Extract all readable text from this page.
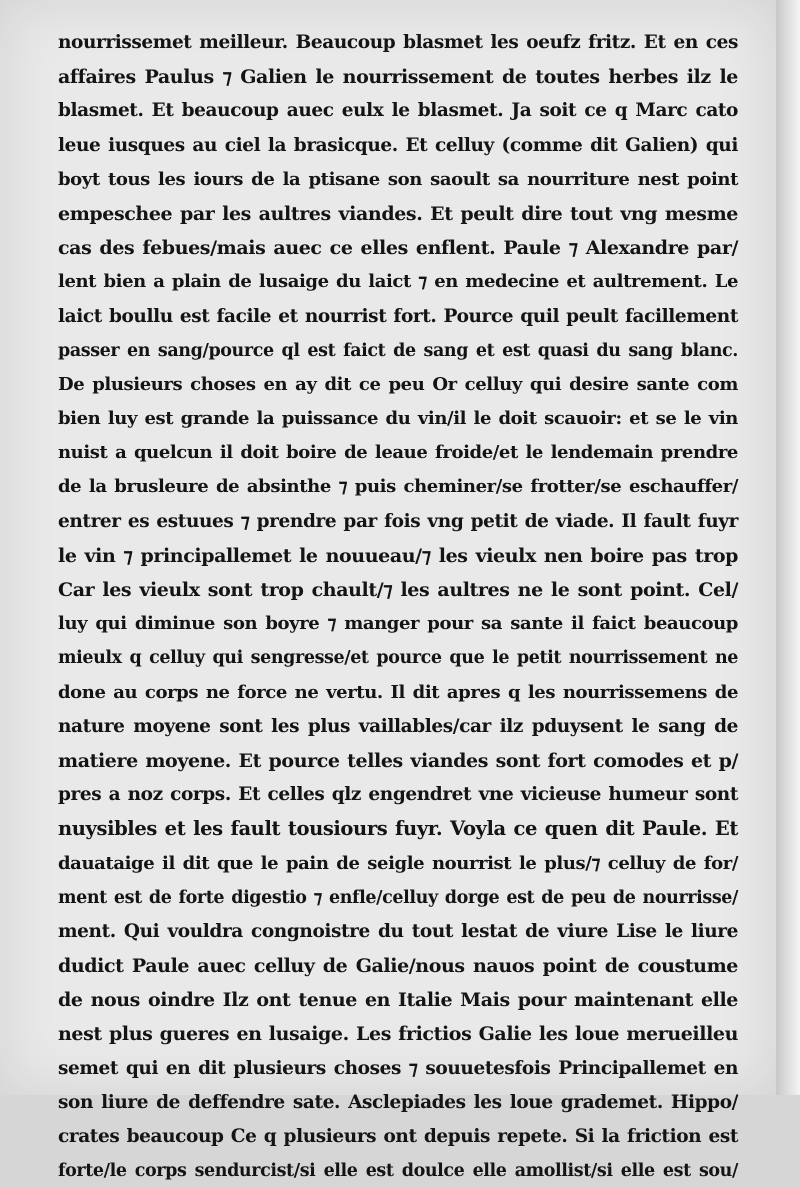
nourrissemet meilleur. Beaucoup blasmet les oeufz fritz. Et en ces
affaires Paulus ⁊ Galien le nourrissement de toutes herbes ilz le
blasmet. Et beaucoup auec eulx le blasmet. Ja soit ce q Marc cato
leue iusques au ciel la brasicque. Et celluy (comme dit Galien) qui
boyt tous les iours de la ptisane son saoult sa nourriture nest point
empeschee par les aultres viandes. Et peult dire tout vng mesme
cas des febues/mais auec ce elles enflent. Paule ⁊ Alexandre par/
lent bien a plain de lusaige du laict ⁊ en medecine et aultrement. Le
laict boullu est facile et nourrist fort. Pource quil peult facillement
passer en sang/pource ql est faict de sang et est quasi du sang blanc.
De plusieurs choses en ay dit ce peu Or celluy qui desire sante com
bien luy est grande la puissance du vin/il le doit scauoir: et se le vin
nuist a quelcun il doit boire de leaue froide/et le lendemain prendre
de la brusleure de absinthe ⁊ puis cheminer/se frotter/se eschauffer/
entrer es estuues ⁊ prendre par fois vng petit de viade. Il fault fuyr
le vin ⁊ principallemet le nouueau/⁊ les vieulx nen boire pas trop
Car les vieulx sont trop chault/⁊ les aultres ne le sont point. Cel/
luy qui diminue son boyre ⁊ manger pour sa sante il faict beaucoup
mieulx q celluy qui sengresse/et pource que le petit nourrissement ne
done au corps ne force ne vertu. Il dit apres q les nourrissemens de
nature moyene sont les plus vaillables/car ilz pduysent le sang de
matiere moyene. Et pource telles viandes sont fort comodes et p/
pres a noz corps. Et celles qlz engendret vne vicieuse humeur sont
nuysibles et les fault tousiours fuyr. Voyla ce quen dit Paule. Et
dauataige il dit que le pain de seigle nourrist le plus/⁊ celluy de for/
ment est de forte digestio ⁊ enfle/celluy dorge est de peu de nourrisse/
ment. Qui vouldra congnoistre du tout lestat de viure Lise le liure
dudict Paule auec celluy de Galie/nous nauos point de coustume
de nous oindre Ilz ont tenue en Italie Mais pour maintenant elle
nest plus gueres en lusaige. Les frictios Galie les loue merueilleu
semet qui en dit plusieurs choses ⁊ souuetesfois Principallemet en
son liure de deffendre sate. Asclepiades les loue grademet. Hippo/
crates beaucoup Ce q plusieurs ont depuis repete. Si la friction est
forte/le corps sendurcist/si elle est doulce elle amollist/si elle est sou/
